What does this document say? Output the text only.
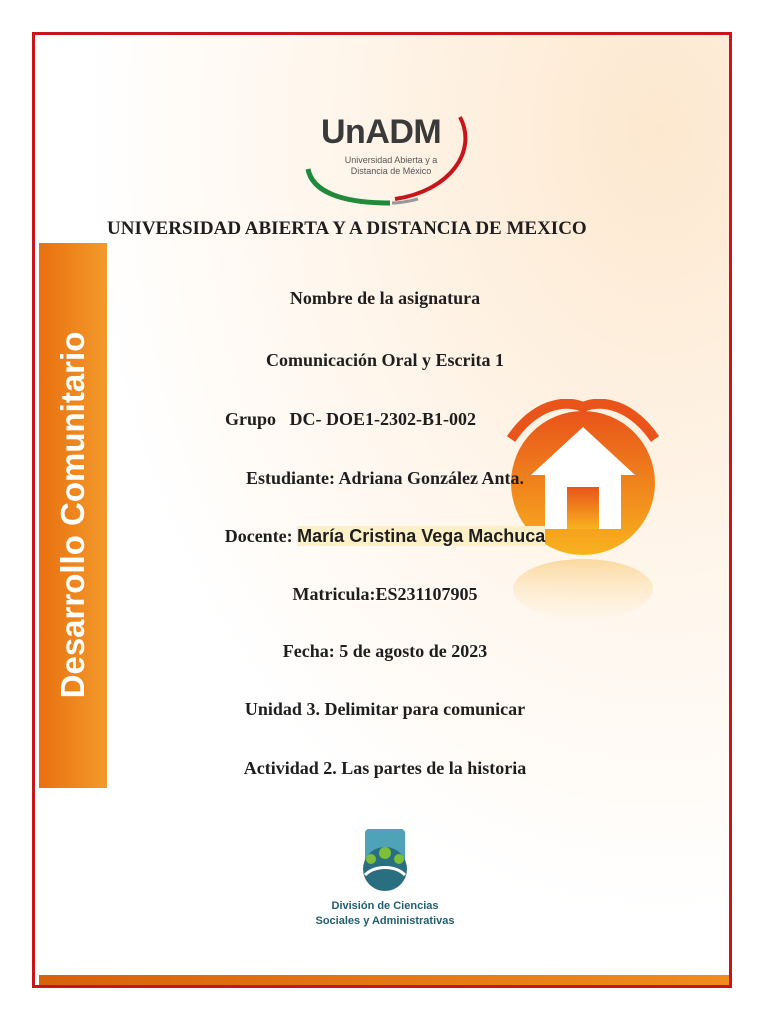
UnADM
Universidad Abierta y a
Distancia de México
UNIVERSIDAD ABIERTA Y A DISTANCIA DE MEXICO
Desarrollo Comunitario
Nombre de la asignatura
Comunicación Oral y Escrita 1
Grupo   DC- DOE1-2302-B1-002
Estudiante: Adriana González Anta.
Docente: María Cristina Vega Machuca
Matricula:ES231107905
Fecha: 5 de agosto de 2023
Unidad 3. Delimitar para comunicar
Actividad 2. Las partes de la historia
División de Ciencias
Sociales y Administrativas
